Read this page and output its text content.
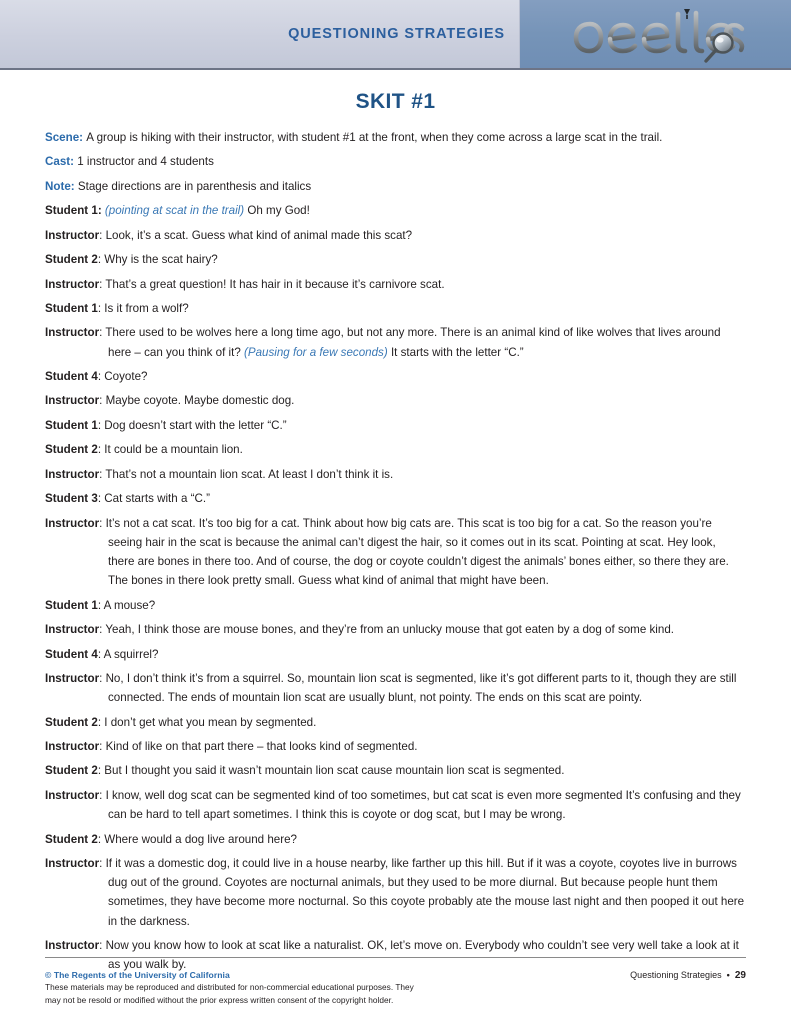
QUESTIONING STRATEGIES
SKIT #1
Scene: A group is hiking with their instructor, with student #1 at the front, when they come across a large scat in the trail.
Cast: 1 instructor and 4 students
Note: Stage directions are in parenthesis and italics
Student 1: (pointing at scat in the trail) Oh my God!
Instructor: Look, it’s a scat. Guess what kind of animal made this scat?
Student 2: Why is the scat hairy?
Instructor: That’s a great question! It has hair in it because it’s carnivore scat.
Student 1: Is it from a wolf?
Instructor: There used to be wolves here a long time ago, but not any more. There is an animal kind of like wolves that lives around here – can you think of it? (Pausing for a few seconds) It starts with the letter “C.”
Student 4: Coyote?
Instructor: Maybe coyote. Maybe domestic dog.
Student 1: Dog doesn’t start with the letter “C.”
Student 2: It could be a mountain lion.
Instructor: That’s not a mountain lion scat. At least I don’t think it is.
Student 3: Cat starts with a “C.”
Instructor: It’s not a cat scat. It’s too big for a cat. Think about how big cats are. This scat is too big for a cat. So the reason you’re seeing hair in the scat is because the animal can’t digest the hair, so it comes out in its scat. Pointing at scat. Hey look, there are bones in there too. And of course, the dog or coyote couldn’t digest the animals’ bones either, so there they are. The bones in there look pretty small. Guess what kind of animal that might have been.
Student 1: A mouse?
Instructor: Yeah, I think those are mouse bones, and they’re from an unlucky mouse that got eaten by a dog of some kind.
Student 4: A squirrel?
Instructor: No, I don’t think it’s from a squirrel. So, mountain lion scat is segmented, like it’s got different parts to it, though they are still connected. The ends of mountain lion scat are usually blunt, not pointy. The ends on this scat are pointy.
Student 2: I don’t get what you mean by segmented.
Instructor: Kind of like on that part there – that looks kind of segmented.
Student 2: But I thought you said it wasn’t mountain lion scat cause mountain lion scat is segmented.
Instructor: I know, well dog scat can be segmented kind of too sometimes, but cat scat is even more segmented It’s confusing and they can be hard to tell apart sometimes. I think this is coyote or dog scat, but I may be wrong.
Student 2: Where would a dog live around here?
Instructor: If it was a domestic dog, it could live in a house nearby, like farther up this hill. But if it was a coyote, coyotes live in burrows dug out of the ground. Coyotes are nocturnal animals, but they used to be more diurnal. But because people hunt them sometimes, they have become more nocturnal. So this coyote probably ate the mouse last night and then pooped it out here in the darkness.
Instructor: Now you know how to look at scat like a naturalist. OK, let’s move on. Everybody who couldn’t see very well take a look at it as you walk by.
© The Regents of the University of California
These materials may be reproduced and distributed for non-commercial educational purposes. They
may not be resold or modified without the prior express written consent of the copyright holder.
Questioning Strategies • 29
